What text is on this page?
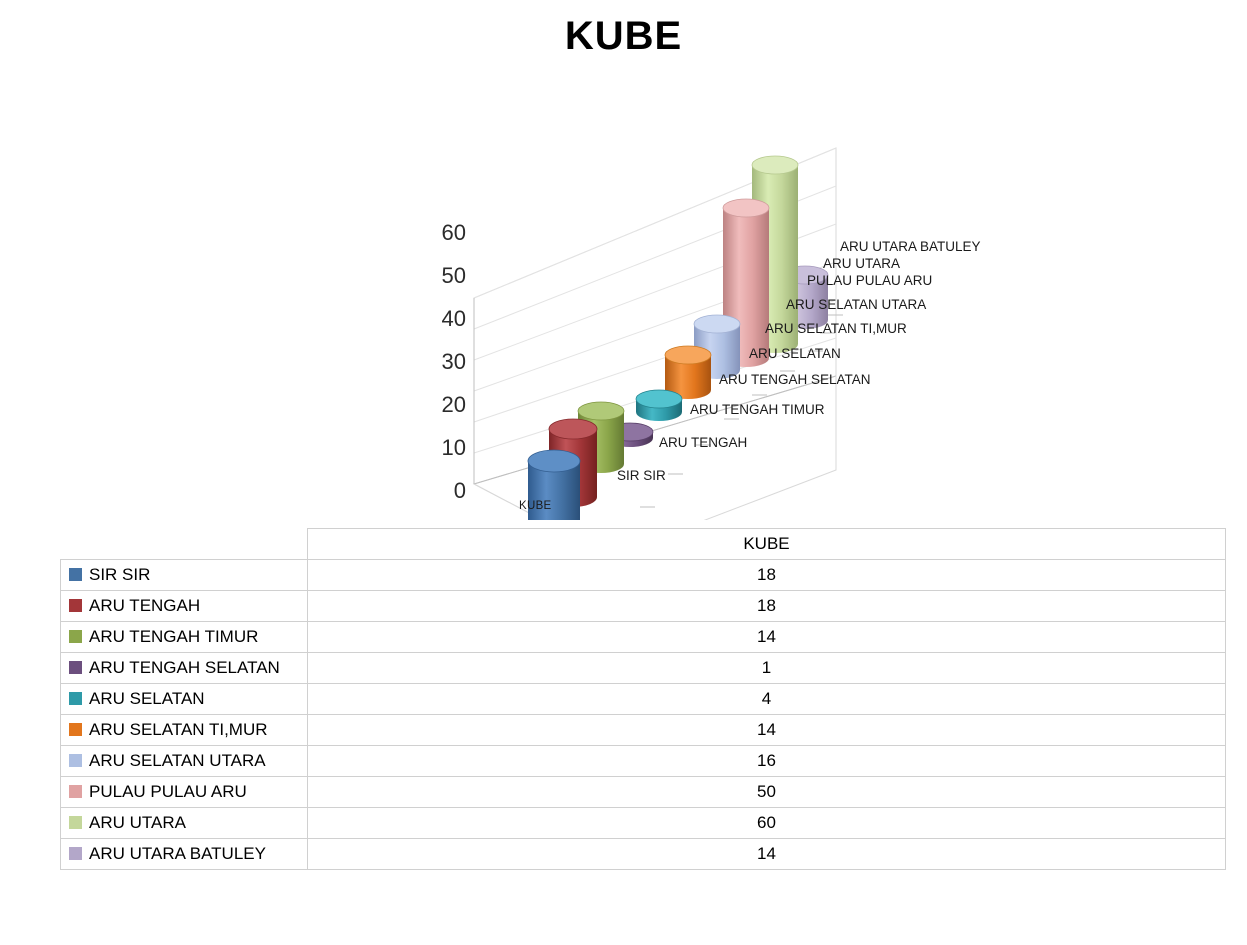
KUBE
60
50
40
30
20
10
0
SIR SIR
ARU TENGAH
ARU TENGAH TIMUR
ARU TENGAH SELATAN
ARU SELATAN
ARU SELATAN TI,MUR
ARU SELATAN UTARA
PULAU PULAU ARU
ARU UTARA
ARU UTARA BATULEY
KUBE
	KUBE
SIR SIR	18
ARU TENGAH	18
ARU TENGAH TIMUR	14
ARU TENGAH SELATAN	1
ARU SELATAN	4
ARU SELATAN TI,MUR	14
ARU SELATAN UTARA	16
PULAU PULAU ARU	50
ARU UTARA	60
ARU UTARA BATULEY	14
